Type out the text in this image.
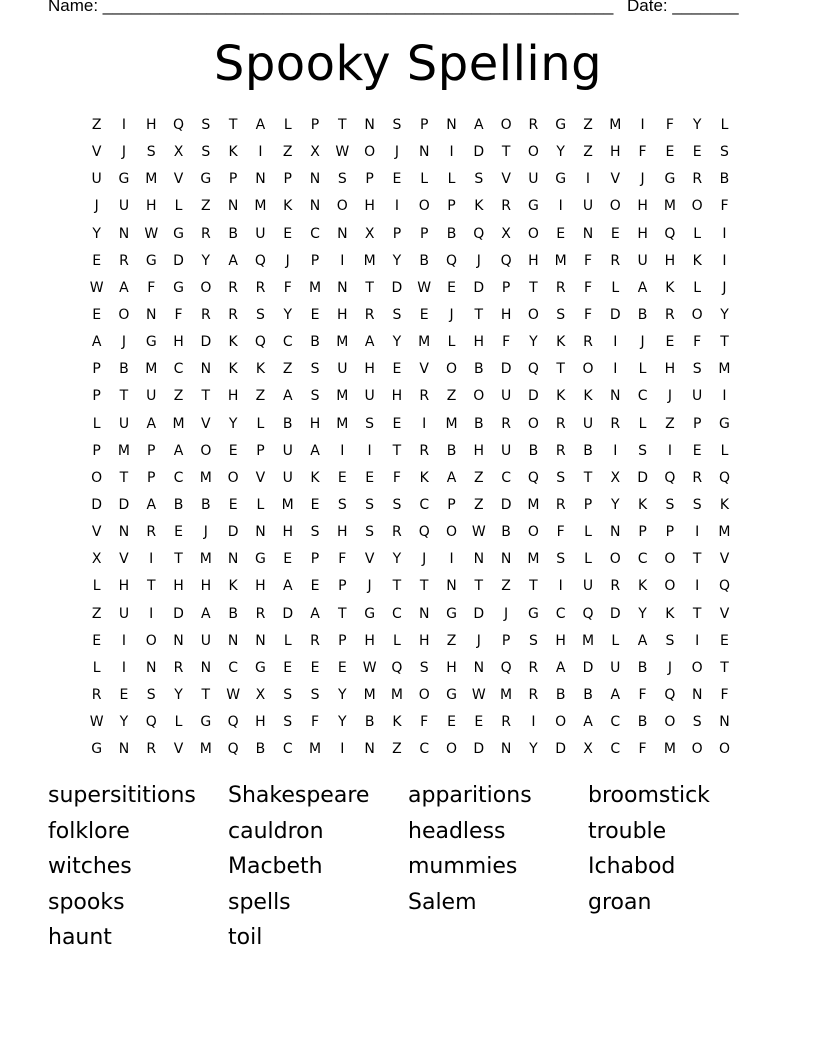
Name: ______________________________________________________ Date: _______
Spooky Spelling
Z	I	H	Q	S	T	A	L	P	T	N	S	P	N	A	O	R	G	Z	M	I	F	Y	L
V	J	S	X	S	K	I	Z	X	W	O	J	N	I	D	T	O	Y	Z	H	F	E	E	S
U	G	M	V	G	P	N	P	N	S	P	E	L	L	S	V	U	G	I	V	J	G	R	B
J	U	H	L	Z	N	M	K	N	O	H	I	O	P	K	R	G	I	U	O	H	M	O	F
Y	N	W	G	R	B	U	E	C	N	X	P	P	B	Q	X	O	E	N	E	H	Q	L	I
E	R	G	D	Y	A	Q	J	P	I	M	Y	B	Q	J	Q	H	M	F	R	U	H	K	I
W	A	F	G	O	R	R	F	M	N	T	D	W	E	D	P	T	R	F	L	A	K	L	J
E	O	N	F	R	R	S	Y	E	H	R	S	E	J	T	H	O	S	F	D	B	R	O	Y
A	J	G	H	D	K	Q	C	B	M	A	Y	M	L	H	F	Y	K	R	I	J	E	F	T
P	B	M	C	N	K	K	Z	S	U	H	E	V	O	B	D	Q	T	O	I	L	H	S	M
P	T	U	Z	T	H	Z	A	S	M	U	H	R	Z	O	U	D	K	K	N	C	J	U	I
L	U	A	M	V	Y	L	B	H	M	S	E	I	M	B	R	O	R	U	R	L	Z	P	G
P	M	P	A	O	E	P	U	A	I	I	T	R	B	H	U	B	R	B	I	S	I	E	L
O	T	P	C	M	O	V	U	K	E	E	F	K	A	Z	C	Q	S	T	X	D	Q	R	Q
D	D	A	B	B	E	L	M	E	S	S	S	C	P	Z	D	M	R	P	Y	K	S	S	K
V	N	R	E	J	D	N	H	S	H	S	R	Q	O	W	B	O	F	L	N	P	P	I	M
X	V	I	T	M	N	G	E	P	F	V	Y	J	I	N	N	M	S	L	O	C	O	T	V
L	H	T	H	H	K	H	A	E	P	J	T	T	N	T	Z	T	I	U	R	K	O	I	Q
Z	U	I	D	A	B	R	D	A	T	G	C	N	G	D	J	G	C	Q	D	Y	K	T	V
E	I	O	N	U	N	N	L	R	P	H	L	H	Z	J	P	S	H	M	L	A	S	I	E
L	I	N	R	N	C	G	E	E	E	W	Q	S	H	N	Q	R	A	D	U	B	J	O	T
R	E	S	Y	T	W	X	S	S	Y	M	M	O	G	W	M	R	B	B	A	F	Q	N	F
W	Y	Q	L	G	Q	H	S	F	Y	B	K	F	E	E	R	I	O	A	C	B	O	S	N
G	N	R	V	M	Q	B	C	M	I	N	Z	C	O	D	N	Y	D	X	C	F	M	O	O
supersititions	Shakespeare	apparitions	broomstick
folklore	cauldron	headless	trouble
witches	Macbeth	mummies	Ichabod
spooks	spells	Salem	groan
haunt	toil
